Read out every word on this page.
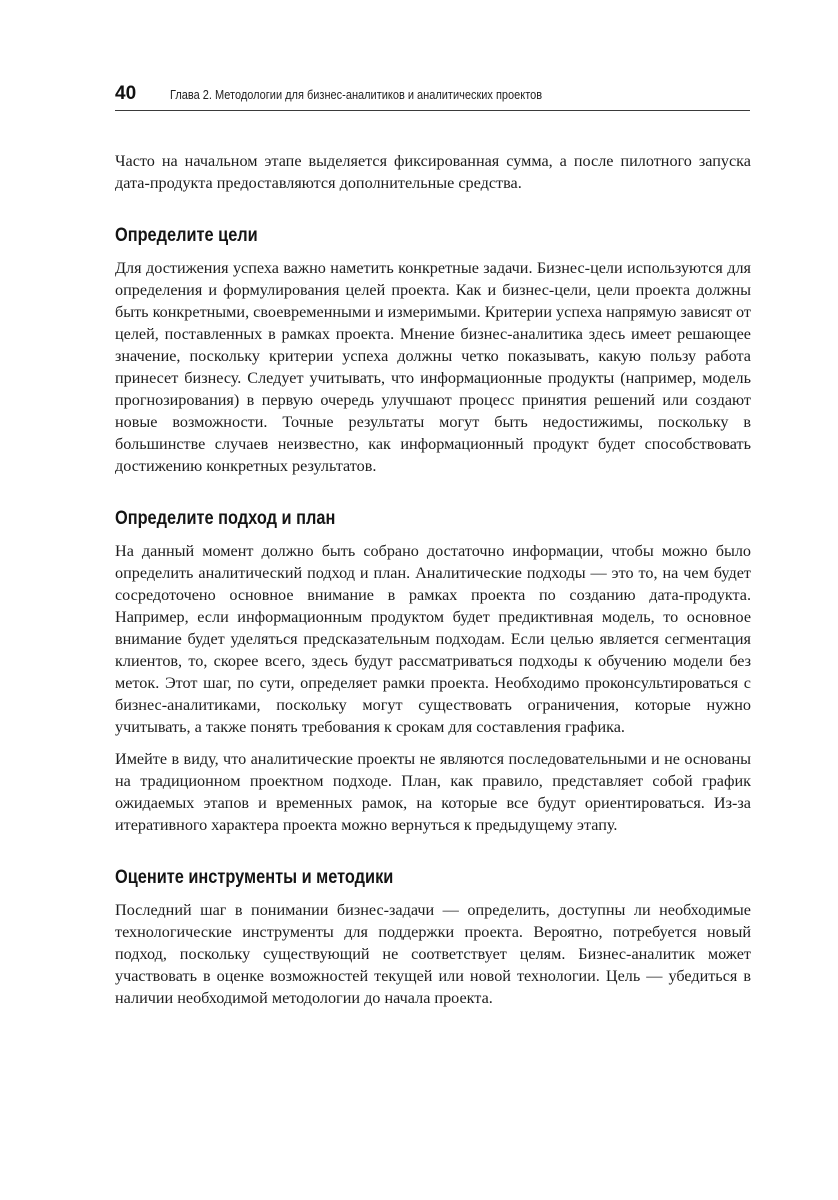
40	Глава 2. Методологии для бизнес-аналитиков и аналитических проектов

Часто на начальном этапе выделяется фиксированная сумма, а после пилотного запуска дата-продукта предоставляются дополнительные средства.

Определите цели

Для достижения успеха важно наметить конкретные задачи. Бизнес-цели используются для определения и формулирования целей проекта. Как и бизнес-цели, цели проекта должны быть конкретными, своевременными и измеримыми. Критерии успеха напрямую зависят от целей, поставленных в рамках проекта. Мнение бизнес-аналитика здесь имеет решающее значение, поскольку критерии успеха должны четко показывать, какую пользу работа принесет бизнесу. Следует учитывать, что информационные продукты (например, модель прогнозирования) в первую очередь улучшают процесс принятия решений или создают новые возможности. Точные результаты могут быть недостижимы, поскольку в большинстве случаев неизвестно, как информационный продукт будет способствовать достижению конкретных результатов.

Определите подход и план

На данный момент должно быть собрано достаточно информации, чтобы можно было определить аналитический подход и план. Аналитические подходы — это то, на чем будет сосредоточено основное внимание в рамках проекта по созданию дата-продукта. Например, если информационным продуктом будет предиктивная модель, то основное внимание будет уделяться предсказательным подходам. Если целью является сегментация клиентов, то, скорее всего, здесь будут рассматриваться подходы к обучению модели без меток. Этот шаг, по сути, определяет рамки проекта. Необходимо проконсультироваться с бизнес-аналитиками, поскольку могут существовать ограничения, которые нужно учитывать, а также понять требования к срокам для составления графика.

Имейте в виду, что аналитические проекты не являются последовательными и не основаны на традиционном проектном подходе. План, как правило, представляет собой график ожидаемых этапов и временных рамок, на которые все будут ориентироваться. Из-за итеративного характера проекта можно вернуться к предыдущему этапу.

Оцените инструменты и методики

Последний шаг в понимании бизнес-задачи — определить, доступны ли необходимые технологические инструменты для поддержки проекта. Вероятно, потребуется новый подход, поскольку существующий не соответствует целям. Бизнес-аналитик может участвовать в оценке возможностей текущей или новой технологии. Цель — убедиться в наличии необходимой методологии до начала проекта.
